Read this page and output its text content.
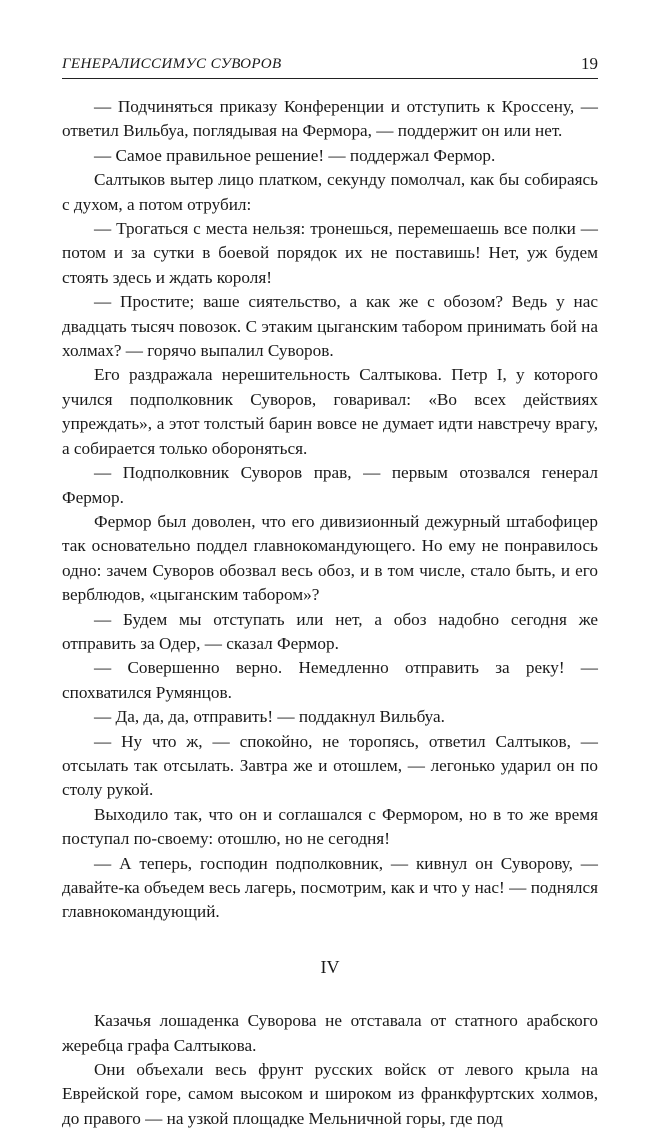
ГЕНЕРАЛИССИМУС СУВОРОВ	19

— Подчиняться приказу Конференции и отступить к Кроссену, — ответил Вильбуа, поглядывая на Фермора, — поддержит он или нет.

— Самое правильное решение! — поддержал Фермор.

Салтыков вытер лицо платком, секунду помолчал, как бы собираясь с духом, а потом отрубил:

— Трогаться с места нельзя: тронешься, перемешаешь все полки — потом и за сутки в боевой порядок их не поставишь! Нет, уж будем стоять здесь и ждать короля!

— Простите; ваше сиятельство, а как же с обозом? Ведь у нас двадцать тысяч повозок. С этаким цыганским табором принимать бой на холмах? — горячо выпалил Суворов.

Его раздражала нерешительность Салтыкова. Петр I, у которого учился подполковник Суворов, говаривал: «Во всех действиях упреждать», а этот толстый барин вовсе не думает идти навстречу врагу, а собирается только обороняться.

— Подполковник Суворов прав, — первым отозвался генерал Фермор.

Фермор был доволен, что его дивизионный дежурный штабофицер так основательно поддел главнокомандующего. Но ему не понравилось одно: зачем Суворов обозвал весь обоз, и в том числе, стало быть, и его верблюдов, «цыганским табором»?

— Будем мы отступать или нет, а обоз надобно сегодня же отправить за Одер, — сказал Фермор.

— Совершенно верно. Немедленно отправить за реку! — спохватился Румянцов.

— Да, да, да, отправить! — поддакнул Вильбуа.

— Ну что ж, — спокойно, не торопясь, ответил Салтыков, — отсылать так отсылать. Завтра же и отошлем, — легонько ударил он по столу рукой.

Выходило так, что он и соглашался с Фермором, но в то же время поступал по-своему: отошлю, но не сегодня!

— А теперь, господин подполковник, — кивнул он Суворову, — давайте-ка объедем весь лагерь, посмотрим, как и что у нас! — поднялся главнокомандующий.

IV

Казачья лошаденка Суворова не отставала от статного арабского жеребца графа Салтыкова.

Они объехали весь фрунт русских войск от левого крыла на Еврейской горе, самом высоком и широком из франкфуртских холмов, до правого — на узкой площадке Мельничной горы, где под
